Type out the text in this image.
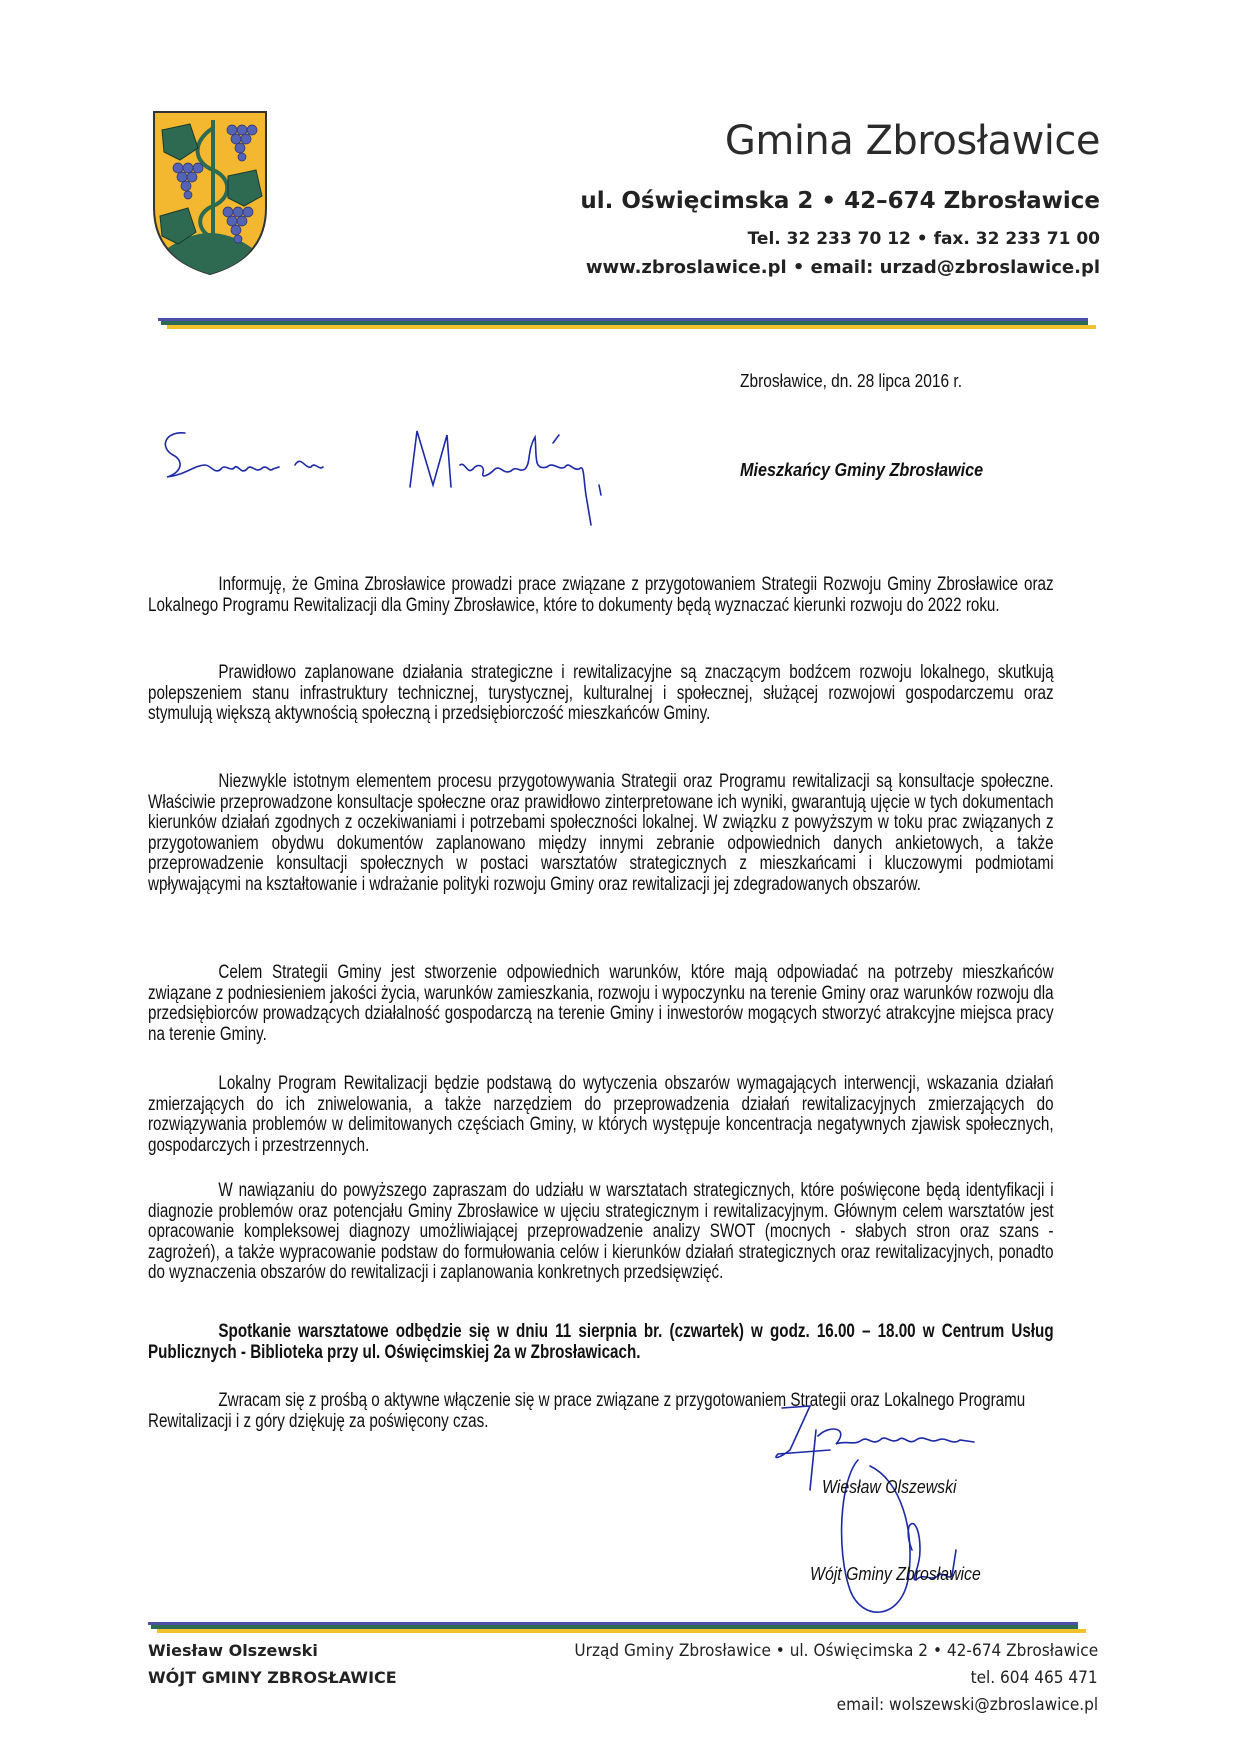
Gmina Zbrosławice
ul. Oświęcimska 2 • 42–674 Zbrosławice
Tel. 32 233 70 12 • fax. 32 233 71 00
www.zbroslawice.pl • email: urzad@zbroslawice.pl
Zbrosławice, dn. 28 lipca 2016 r.
Mieszkańcy Gminy Zbrosławice

Informuję, że Gmina Zbrosławice prowadzi prace związane z przygotowaniem Strategii Rozwoju Gminy Zbrosławice oraz Lokalnego Programu Rewitalizacji dla Gminy Zbrosławice, które to dokumenty będą wyznaczać kierunki rozwoju do 2022 roku.

Prawidłowo zaplanowane działania strategiczne i rewitalizacyjne są znaczącym bodźcem rozwoju lokalnego, skutkują polepszeniem stanu infrastruktury technicznej, turystycznej, kulturalnej i społecznej, służącej rozwojowi gospodarczemu oraz stymulują większą aktywnością społeczną i przedsiębiorczość mieszkańców Gminy.

Niezwykle istotnym elementem procesu przygotowywania Strategii oraz Programu rewitalizacji są konsultacje społeczne. Właściwie przeprowadzone konsultacje społeczne oraz prawidłowo zinterpretowane ich wyniki, gwarantują ujęcie w tych dokumentach kierunków działań zgodnych z oczekiwaniami i potrzebami społeczności lokalnej. W związku z powyższym w toku prac związanych z przygotowaniem obydwu dokumentów zaplanowano między innymi zebranie odpowiednich danych ankietowych, a także przeprowadzenie konsultacji społecznych w postaci warsztatów strategicznych z mieszkańcami i kluczowymi podmiotami wpływającymi na kształtowanie i wdrażanie polityki rozwoju Gminy oraz rewitalizacji jej zdegradowanych obszarów.

Celem Strategii Gminy jest stworzenie odpowiednich warunków, które mają odpowiadać na potrzeby mieszkańców związane z podniesieniem jakości życia, warunków zamieszkania, rozwoju i wypoczynku na terenie Gminy oraz warunków rozwoju dla przedsiębiorców prowadzących działalność gospodarczą na terenie Gminy i inwestorów mogących stworzyć atrakcyjne miejsca pracy na terenie Gminy.

Lokalny Program Rewitalizacji będzie podstawą do wytyczenia obszarów wymagających interwencji, wskazania działań zmierzających do ich zniwelowania, a także narzędziem do przeprowadzenia działań rewitalizacyjnych zmierzających do rozwiązywania problemów w delimitowanych częściach Gminy, w których występuje koncentracja negatywnych zjawisk społecznych, gospodarczych i przestrzennych.

W nawiązaniu do powyższego zapraszam do udziału w warsztatach strategicznych, które poświęcone będą identyfikacji i diagnozie problemów oraz potencjału Gminy Zbrosławice w ujęciu strategicznym i rewitalizacyjnym. Głównym celem warsztatów jest opracowanie kompleksowej diagnozy umożliwiającej przeprowadzenie analizy SWOT (mocnych - słabych stron oraz szans - zagrożeń), a także wypracowanie podstaw do formułowania celów i kierunków działań strategicznych oraz rewitalizacyjnych, ponadto do wyznaczenia obszarów do rewitalizacji i zaplanowania konkretnych przedsięwzięć.

Spotkanie warsztatowe odbędzie się w dniu 11 sierpnia br. (czwartek) w godz. 16.00 – 18.00 w Centrum Usług Publicznych - Biblioteka przy ul. Oświęcimskiej 2a w Zbrosławicach.

Zwracam się z prośbą o aktywne włączenie się w prace związane z przygotowaniem Strategii oraz Lokalnego Programu Rewitalizacji i z góry dziękuję za poświęcony czas.

Wiesław Olszewski
Wójt Gminy Zbrosławice
Wiesław Olszewski
WÓJT GMINY ZBROSŁAWICE
Urząd Gminy Zbrosławice • ul. Oświęcimska 2 • 42-674 Zbrosławice
tel. 604 465 471
email: wolszewski@zbroslawice.pl
